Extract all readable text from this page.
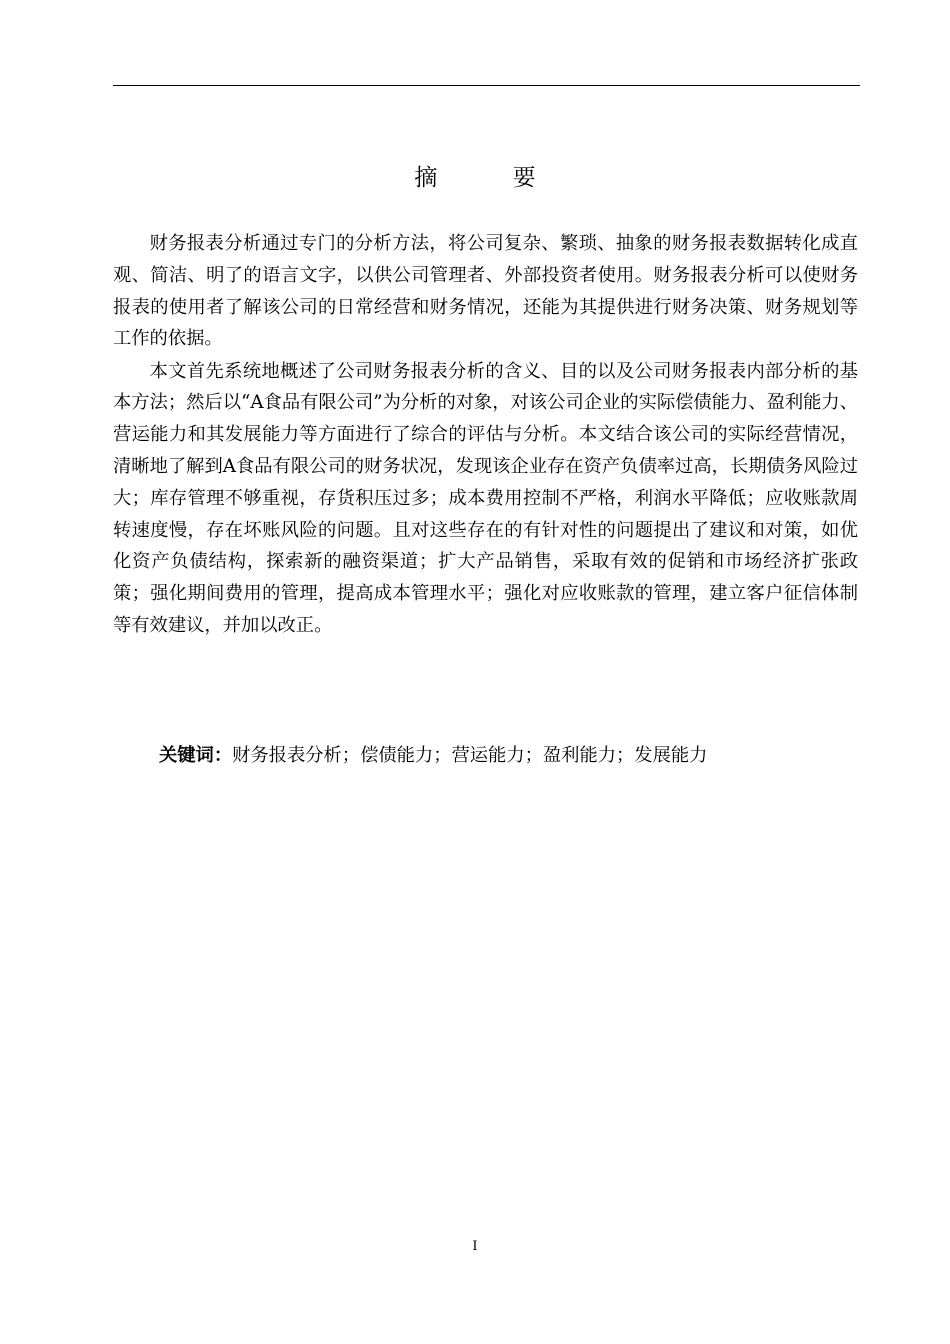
摘 要

财务报表分析通过专门的分析方法，将公司复杂、繁琐、抽象的财务报表数据转化成直观、简洁、明了的语言文字，以供公司管理者、外部投资者使用。财务报表分析可以使财务报表的使用者了解该公司的日常经营和财务情况，还能为其提供进行财务决策、财务规划等工作的依据。

本文首先系统地概述了公司财务报表分析的含义、目的以及公司财务报表内部分析的基本方法；然后以“A食品有限公司”为分析的对象，对该公司企业的实际偿债能力、盈利能力、营运能力和其发展能力等方面进行了综合的评估与分析。本文结合该公司的实际经营情况，清晰地了解到A食品有限公司的财务状况，发现该企业存在资产负债率过高，长期债务风险过大；库存管理不够重视，存货积压过多；成本费用控制不严格，利润水平降低；应收账款周转速度慢，存在坏账风险的问题。且对这些存在的有针对性的问题提出了建议和对策，如优化资产负债结构，探索新的融资渠道；扩大产品销售，采取有效的促销和市场经济扩张政策；强化期间费用的管理，提高成本管理水平；强化对应收账款的管理，建立客户征信体制等有效建议，并加以改正。

关键词：财务报表分析；偿债能力；营运能力；盈利能力；发展能力
I
